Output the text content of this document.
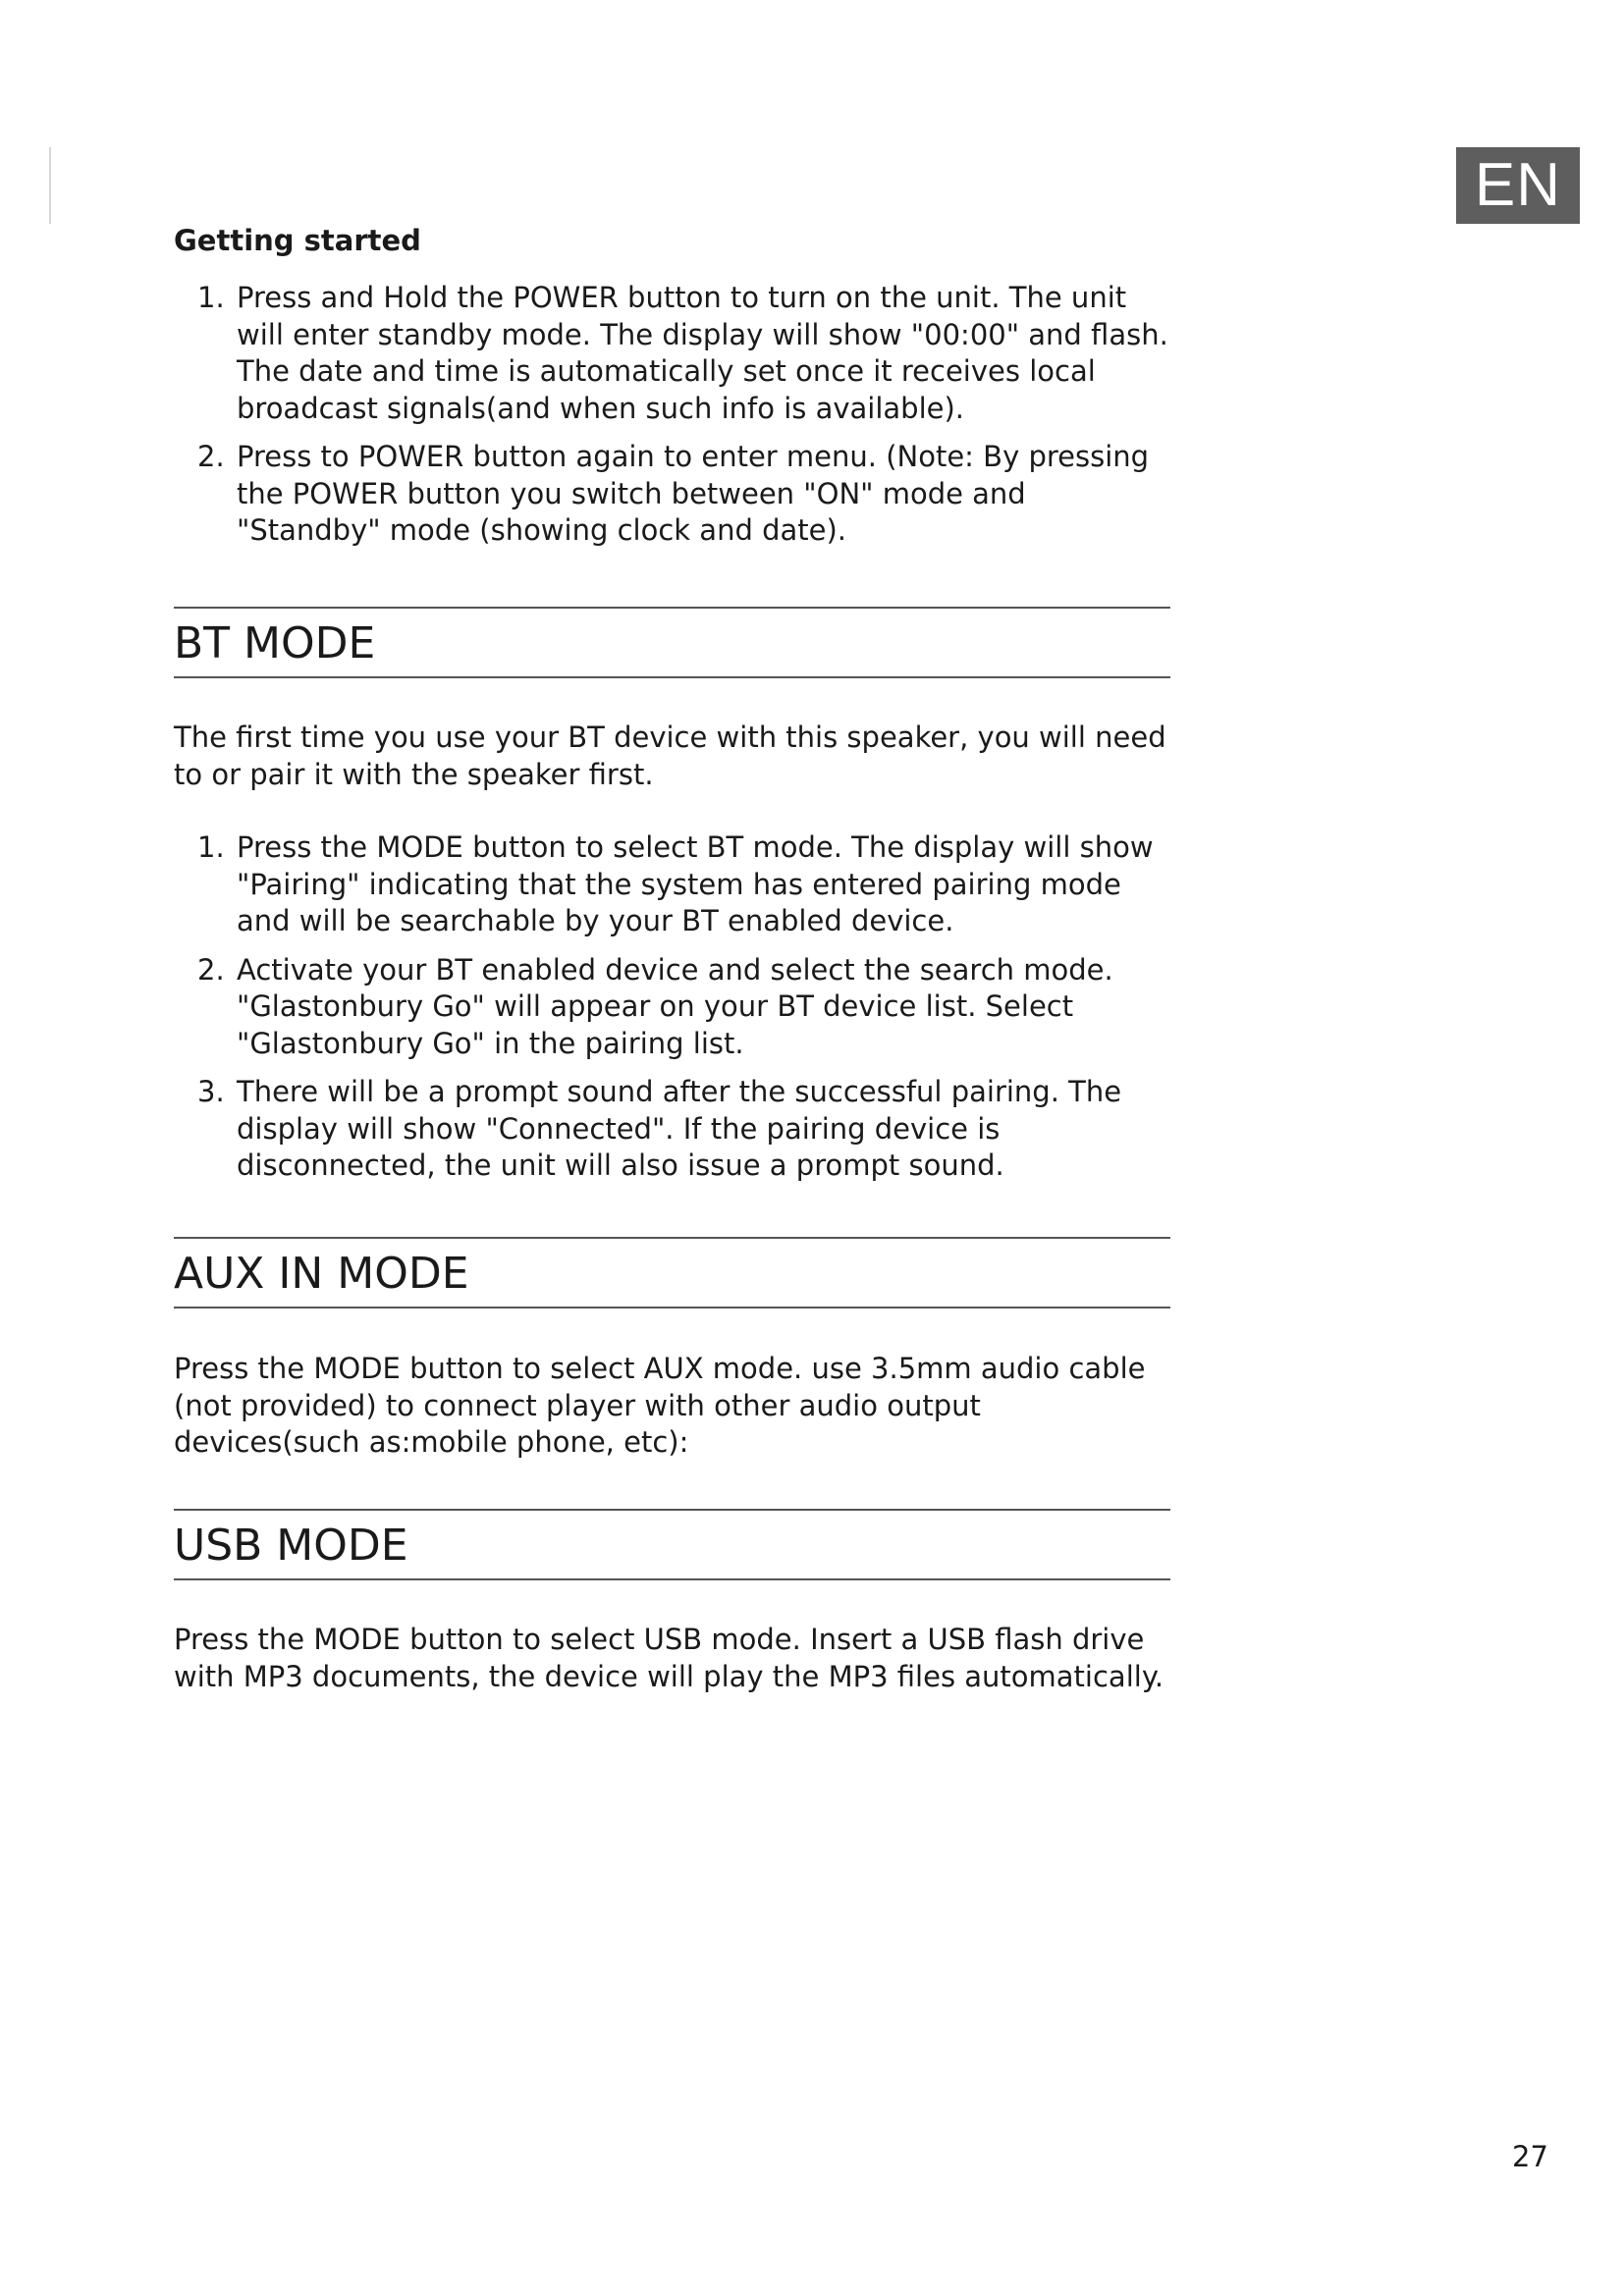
EN
Getting started
1. Press and Hold the POWER button to turn on the unit. The unit will enter standby mode. The display will show "00:00" and flash. The date and time is automatically set once it receives local broadcast signals(and when such info is available).
2. Press to POWER button again to enter menu. (Note: By pressing the POWER button you switch between "ON" mode and "Standby" mode (showing clock and date).
BT MODE

The first time you use your BT device with this speaker, you will need to or pair it with the speaker first.

1. Press the MODE button to select BT mode. The display will show "Pairing" indicating that the system has entered pairing mode and will be searchable by your BT enabled device.
2. Activate your BT enabled device and select the search mode. "Glastonbury Go" will appear on your BT device list. Select "Glastonbury Go" in the pairing list.
3. There will be a prompt sound after the successful pairing. The display will show "Connected". If the pairing device is disconnected, the unit will also issue a prompt sound.
AUX IN MODE

Press the MODE button to select AUX mode. use 3.5mm audio cable (not provided) to connect player with other audio output devices(such as:mobile phone, etc):

USB MODE

Press the MODE button to select USB mode. Insert a USB flash drive with MP3 documents, the device will play the MP3 files automatically.

27
